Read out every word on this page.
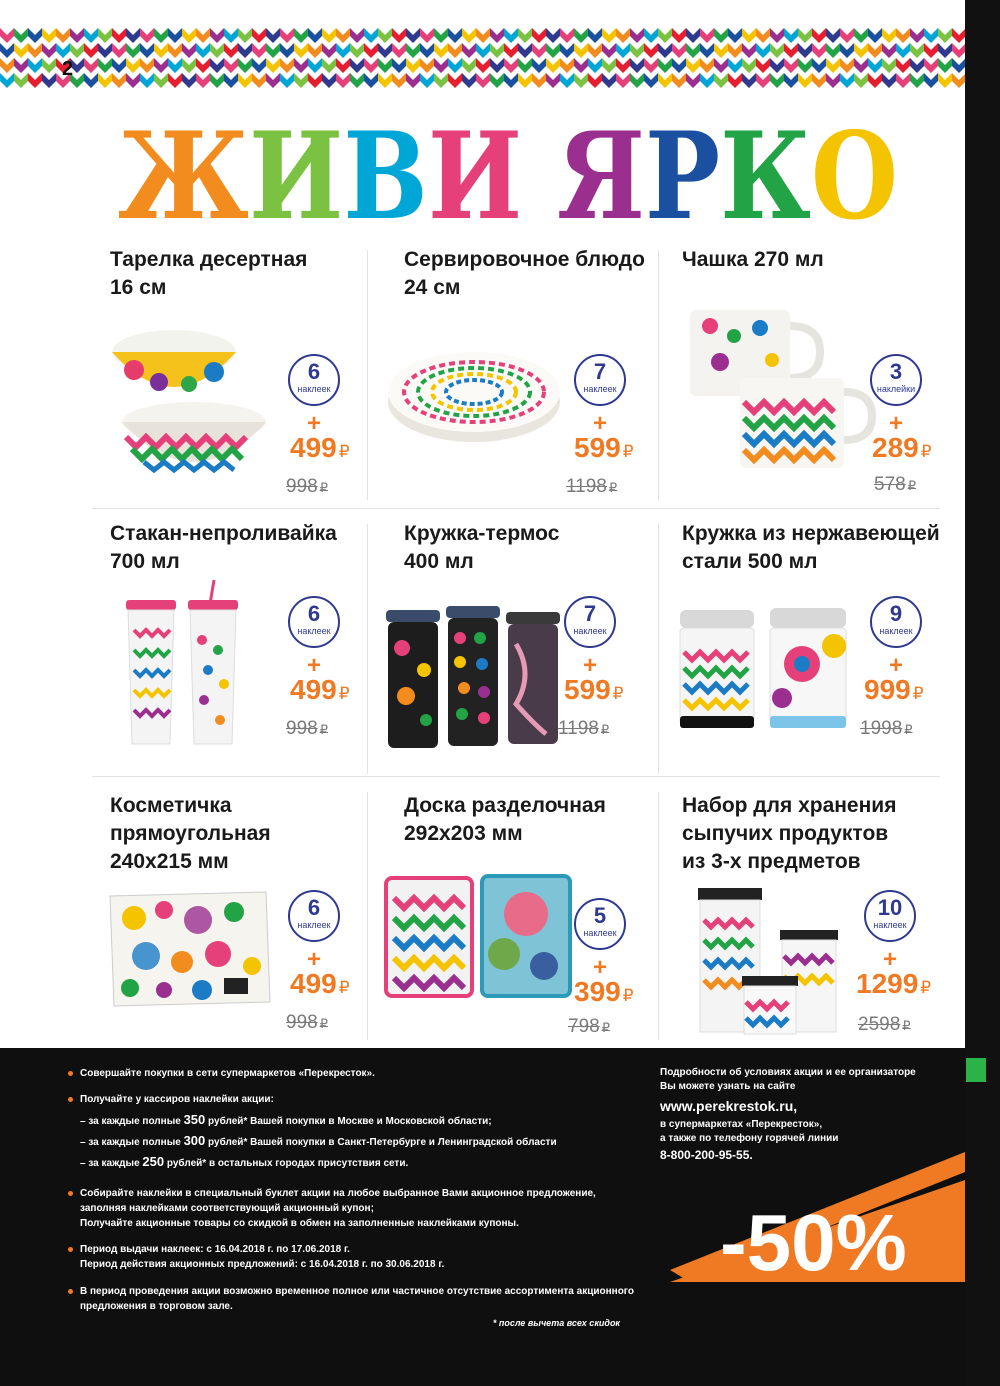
2
ЖИВИ ЯРКО
Тарелка десертная
16 см
6
наклеек
+
499 ₽
998 ₽
Сервировочное блюдо
24 см
7
наклеек
+
599 ₽
1198 ₽
Чашка 270 мл
3
наклейки
+
289 ₽
578 ₽
Стакан-непроливайка
700 мл
6
наклеек
+
499 ₽
998 ₽
Кружка-термос
400 мл
7
наклеек
+
599 ₽
1198 ₽
Кружка из нержавеющей
стали 500 мл
9
наклеек
+
999 ₽
1998 ₽
Косметичка
прямоугольная
240х215 мм
6
наклеек
+
499 ₽
998 ₽
Доска разделочная
292х203 мм
5
наклеек
+
399 ₽
798 ₽
Набор для хранения
сыпучих продуктов
из 3-х предметов
10
наклеек
+
1299 ₽
2598 ₽
Совершайте покупки в сети супермаркетов «Перекресток».
Получайте у кассиров наклейки акции:
– за каждые полные 350 рублей* Вашей покупки в Москве и Московской области;
– за каждые полные 300 рублей* Вашей покупки в Санкт-Петербурге и Ленинградской области
– за каждые 250 рублей* в остальных городах присутствия сети.
Собирайте наклейки в специальный буклет акции на любое выбранное Вами акционное предложение, заполняя наклейками соответствующий акционный купон;
Получайте акционные товары со скидкой в обмен на заполненные наклейками купоны.
Период выдачи наклеек: с 16.04.2018 г. по 17.06.2018 г.
Период действия акционных предложений: с 16.04.2018 г. по 30.06.2018 г.
В период проведения акции возможно временное полное или частичное отсутствие ассортимента акционного предложения в торговом зале.
* после вычета всех скидок
Подробности об условиях акции и ее организаторе
Вы можете узнать на сайте
www.perekrestok.ru,
в супермаркетах «Перекресток»,
а также по телефону горячей линии
8-800-200-95-55.
-50%
